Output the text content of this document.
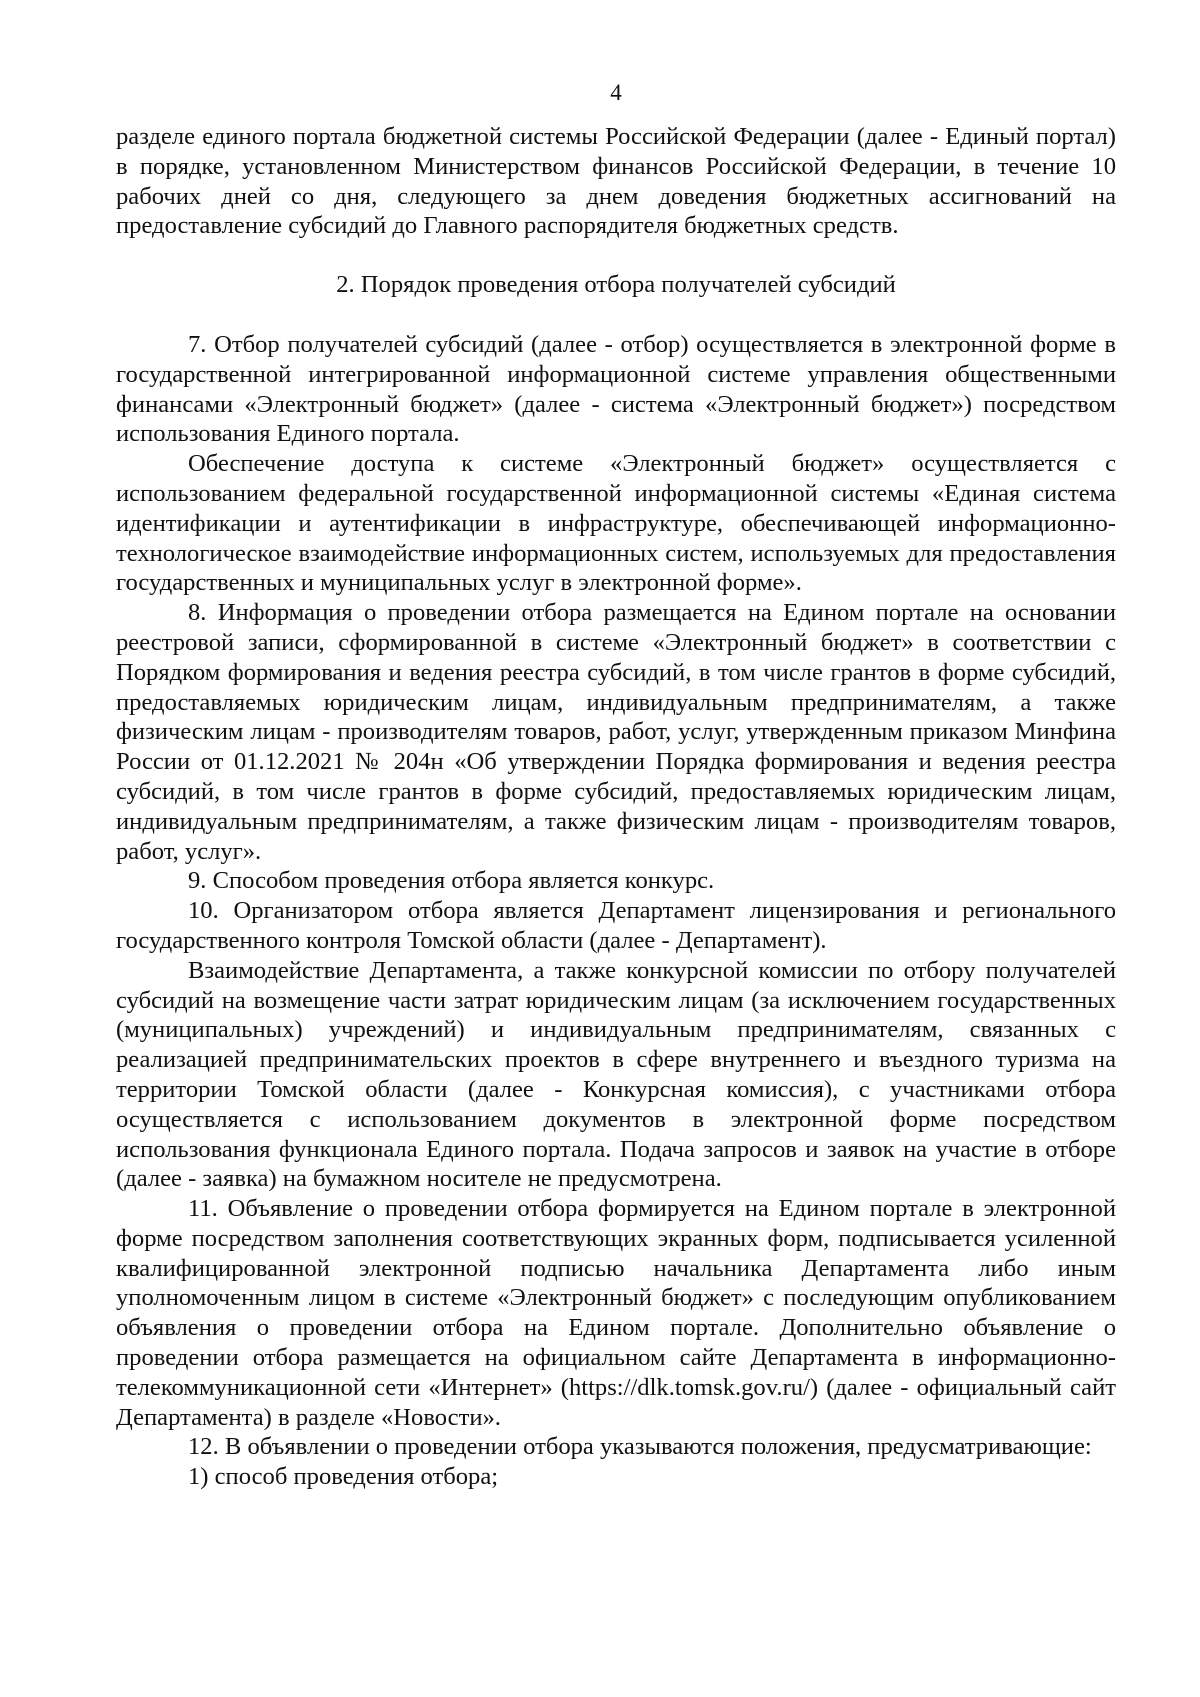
4

разделе единого портала бюджетной системы Российской Федерации (далее - Единый портал) в порядке, установленном Министерством финансов Российской Федерации, в течение 10 рабочих дней со дня, следующего за днем доведения бюджетных ассигнований на предоставление субсидий до Главного распорядителя бюджетных средств.

2. Порядок проведения отбора получателей субсидий

7. Отбор получателей субсидий (далее - отбор) осуществляется в электронной форме в государственной интегрированной информационной системе управления общественными финансами «Электронный бюджет» (далее - система «Электронный бюджет») посредством использования Единого портала.

Обеспечение доступа к системе «Электронный бюджет» осуществляется с использованием федеральной государственной информационной системы «Единая система идентификации и аутентификации в инфраструктуре, обеспечивающей информационно-технологическое взаимодействие информационных систем, используемых для предоставления государственных и муниципальных услуг в электронной форме».

8. Информация о проведении отбора размещается на Едином портале на основании реестровой записи, сформированной в системе «Электронный бюджет» в соответствии с Порядком формирования и ведения реестра субсидий, в том числе грантов в форме субсидий, предоставляемых юридическим лицам, индивидуальным предпринимателям, а также физическим лицам - производителям товаров, работ, услуг, утвержденным приказом Минфина России от 01.12.2021 № 204н «Об утверждении Порядка формирования и ведения реестра субсидий, в том числе грантов в форме субсидий, предоставляемых юридическим лицам, индивидуальным предпринимателям, а также физическим лицам - производителям товаров, работ, услуг».

9. Способом проведения отбора является конкурс.

10. Организатором отбора является Департамент лицензирования и регионального государственного контроля Томской области (далее - Департамент).

Взаимодействие Департамента, а также конкурсной комиссии по отбору получателей субсидий на возмещение части затрат юридическим лицам (за исключением государственных (муниципальных) учреждений) и индивидуальным предпринимателям, связанных с реализацией предпринимательских проектов в сфере внутреннего и въездного туризма на территории Томской области (далее - Конкурсная комиссия), с участниками отбора осуществляется с использованием документов в электронной форме посредством использования функционала Единого портала. Подача запросов и заявок на участие в отборе (далее - заявка) на бумажном носителе не предусмотрена.

11. Объявление о проведении отбора формируется на Едином портале в электронной форме посредством заполнения соответствующих экранных форм, подписывается усиленной квалифицированной электронной подписью начальника Департамента либо иным уполномоченным лицом в системе «Электронный бюджет» с последующим опубликованием объявления о проведении отбора на Едином портале. Дополнительно объявление о проведении отбора размещается на официальном сайте Департамента в информационно-телекоммуникационной сети «Интернет» (https://dlk.tomsk.gov.ru/) (далее - официальный сайт Департамента) в разделе «Новости».

12. В объявлении о проведении отбора указываются положения, предусматривающие:

1) способ проведения отбора;
